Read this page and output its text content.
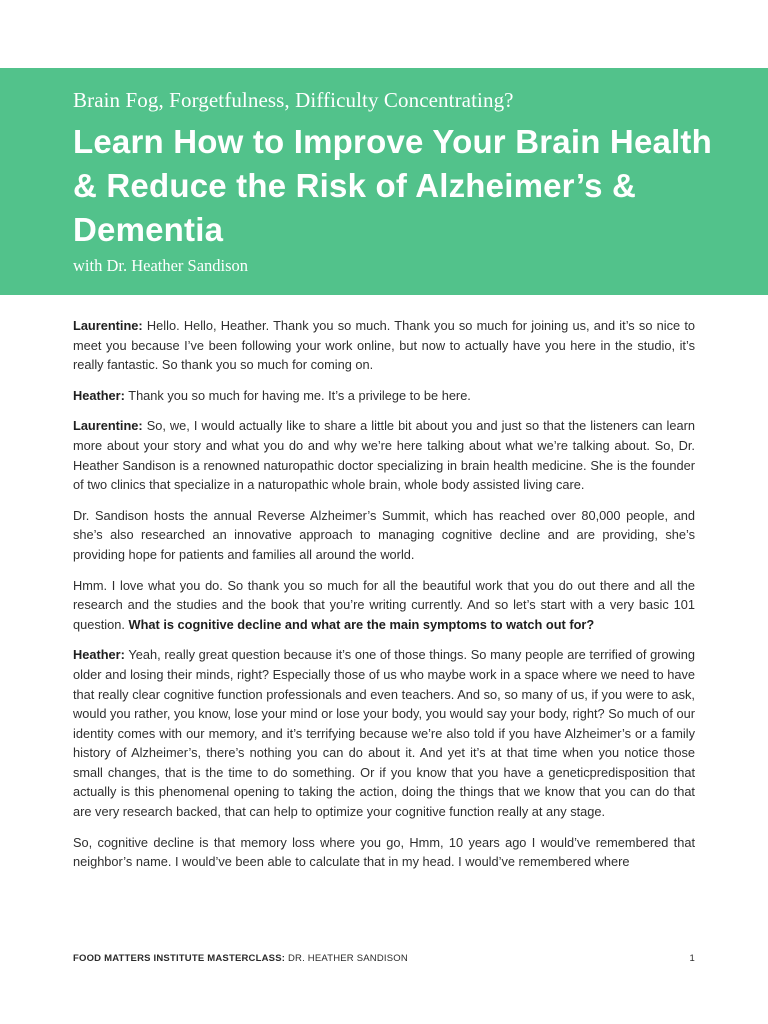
Brain Fog, Forgetfulness, Difficulty Concentrating?
Learn How to Improve Your Brain Health & Reduce the Risk of Alzheimer’s & Dementia
with Dr. Heather Sandison

Laurentine: Hello. Hello, Heather. Thank you so much. Thank you so much for joining us, and it’s so nice to meet you because I’ve been following your work online, but now to actually have you here in the studio, it’s really fantastic. So thank you so much for coming on.

Heather: Thank you so much for having me. It’s a privilege to be here.

Laurentine: So, we, I would actually like to share a little bit about you and just so that the listeners can learn more about your story and what you do and why we’re here talking about what we’re talking about. So, Dr. Heather Sandison is a renowned naturopathic doctor specializing in brain health medicine. She is the founder of two clinics that specialize in a naturopathic whole brain, whole body assisted living care.

Dr. Sandison hosts the annual Reverse Alzheimer’s Summit, which has reached over 80,000 people, and she’s also researched an innovative approach to managing cognitive decline and are providing, she’s providing hope for patients and families all around the world.

Hmm. I love what you do. So thank you so much for all the beautiful work that you do out there and all the research and the studies and the book that you’re writing currently. And so let’s start with a very basic 101 question. What is cognitive decline and what are the main symptoms to watch out for?

Heather: Yeah, really great question because it’s one of those things. So many people are terrified of growing older and losing their minds, right? Especially those of us who maybe work in a space where we need to have that really clear cognitive function professionals and even teachers. And so, so many of us, if you were to ask, would you rather, you know, lose your mind or lose your body, you would say your body, right? So much of our identity comes with our memory, and it’s terrifying because we’re also told if you have Alzheimer’s or a family history of Alzheimer’s, there’s nothing you can do about it. And yet it’s at that time when you notice those small changes, that is the time to do something. Or if you know that you have a geneticpredisposition that actually is this phenomenal opening to taking the action, doing the things that we know that you can do that are very research backed, that can help to optimize your cognitive function really at any stage.

So, cognitive decline is that memory loss where you go, Hmm, 10 years ago I would’ve remembered that neighbor’s name. I would’ve been able to calculate that in my head. I would’ve remembered where

FOOD MATTERS INSTITUTE MASTERCLASS: DR. HEATHER SANDISON	1
